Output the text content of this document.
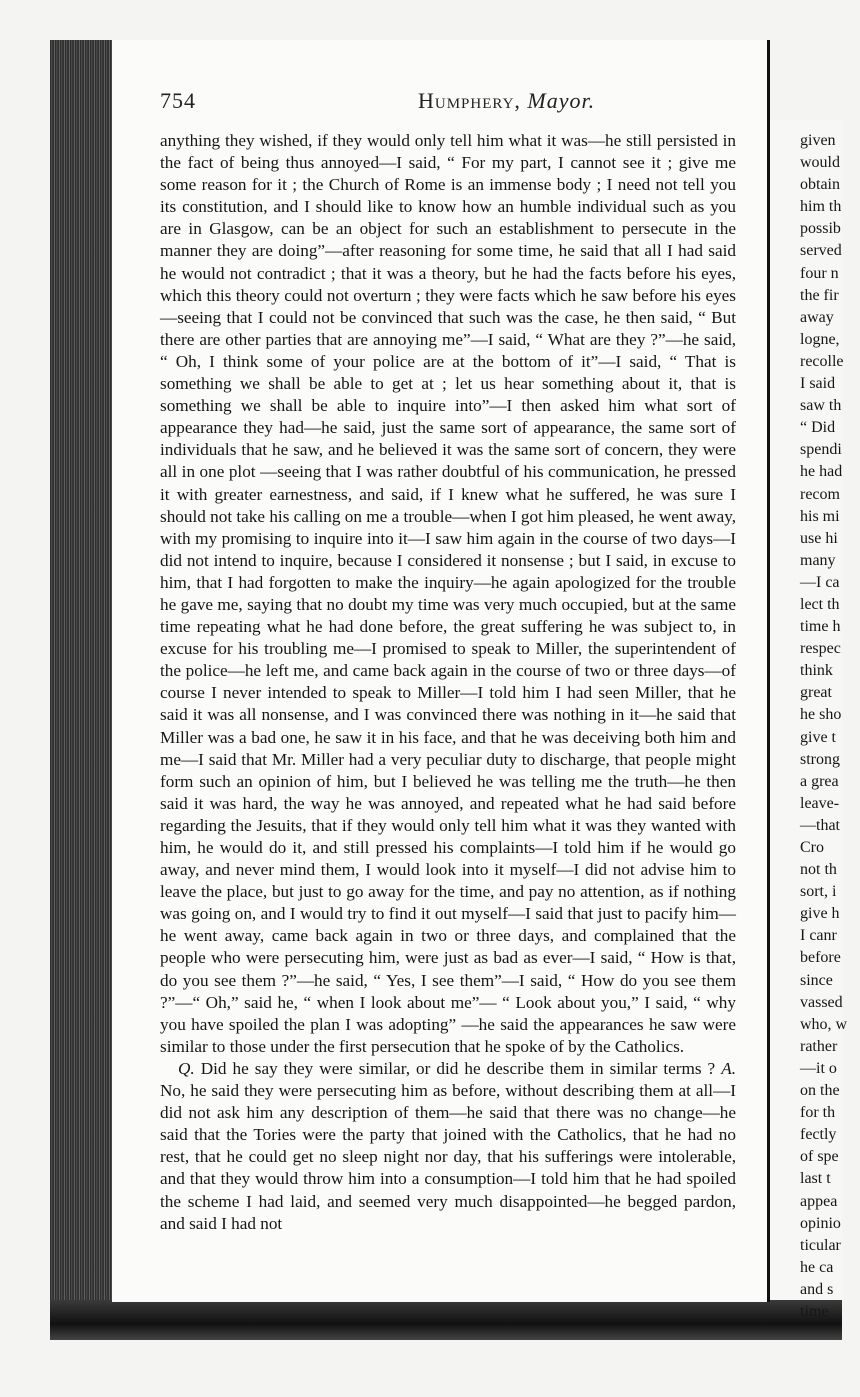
754	Humphery, Mayor.

anything they wished, if they would only tell him what it was—he still persisted in the fact of being thus annoyed—I said, “ For my part, I cannot see it ; give me some reason for it ; the Church of Rome is an immense body ; I need not tell you its constitution, and I should like to know how an humble individual such as you are in Glasgow, can be an object for such an establishment to persecute in the manner they are doing”—after reasoning for some time, he said that all I had said he would not contradict ; that it was a theory, but he had the facts before his eyes, which this theory could not overturn ; they were facts which he saw before his eyes—seeing that I could not be convinced that such was the case, he then said, “ But there are other parties that are annoying me”—I said, “ What are they ?”—he said, “ Oh, I think some of your police are at the bottom of it”—I said, “ That is something we shall be able to get at ; let us hear something about it, that is something we shall be able to inquire into”—I then asked him what sort of appearance they had—he said, just the same sort of appearance, the same sort of individuals that he saw, and he believed it was the same sort of concern, they were all in one plot —seeing that I was rather doubtful of his communication, he pressed it with greater earnestness, and said, if I knew what he suffered, he was sure I should not take his calling on me a trouble—when I got him pleased, he went away, with my promising to inquire into it—I saw him again in the course of two days—I did not intend to inquire, because I considered it nonsense ; but I said, in excuse to him, that I had forgotten to make the inquiry—he again apologized for the trouble he gave me, saying that no doubt my time was very much occupied, but at the same time repeating what he had done before, the great suffering he was subject to, in excuse for his troubling me—I promised to speak to Miller, the superintendent of the police—he left me, and came back again in the course of two or three days—of course I never intended to speak to Miller—I told him I had seen Miller, that he said it was all nonsense, and I was convinced there was nothing in it—he said that Miller was a bad one, he saw it in his face, and that he was deceiving both him and me—I said that Mr. Miller had a very peculiar duty to discharge, that people might form such an opinion of him, but I believed he was telling me the truth—he then said it was hard, the way he was annoyed, and repeated what he had said before regarding the Jesuits, that if they would only tell him what it was they wanted with him, he would do it, and still pressed his complaints—I told him if he would go away, and never mind them, I would look into it myself—I did not advise him to leave the place, but just to go away for the time, and pay no attention, as if nothing was going on, and I would try to find it out myself—I said that just to pacify him—he went away, came back again in two or three days, and complained that the people who were persecuting him, were just as bad as ever—I said, “ How is that, do you see them ?”—he said, “ Yes, I see them”—I said, “ How do you see them ?”—“ Oh,” said he, “ when I look about me”— “ Look about you,” I said, “ why you have spoiled the plan I was adopting” —he said the appearances he saw were similar to those under the first persecution that he spoke of by the Catholics.

Q. Did he say they were similar, or did he describe them in similar terms ? A. No, he said they were persecuting him as before, without describing them at all—I did not ask him any description of them—he said that there was no change—he said that the Tories were the party that joined with the Catholics, that he had no rest, that he could get no sleep night nor day, that his sufferings were intolerable, and that they would throw him into a consumption—I told him that he had spoiled the scheme I had laid, and seemed very much disappointed—he begged pardon, and said I had not

given
would
obtain
him th
possib
served
four n
the fir
away
logne,
recolle
I said
saw th
“ Did
spendi
he had
recom
his mi
use hi
many
—I ca
lect th
time h
respec
think
great
he sho
give t
strong
a grea
leave-
—that
Cro
not th
sort, i
give h
I canr
before
since
vassed
who, w
rather
—it o
on the
for th
fectly
of spe
last t
appea
opinio
ticular
he ca
and s
time
